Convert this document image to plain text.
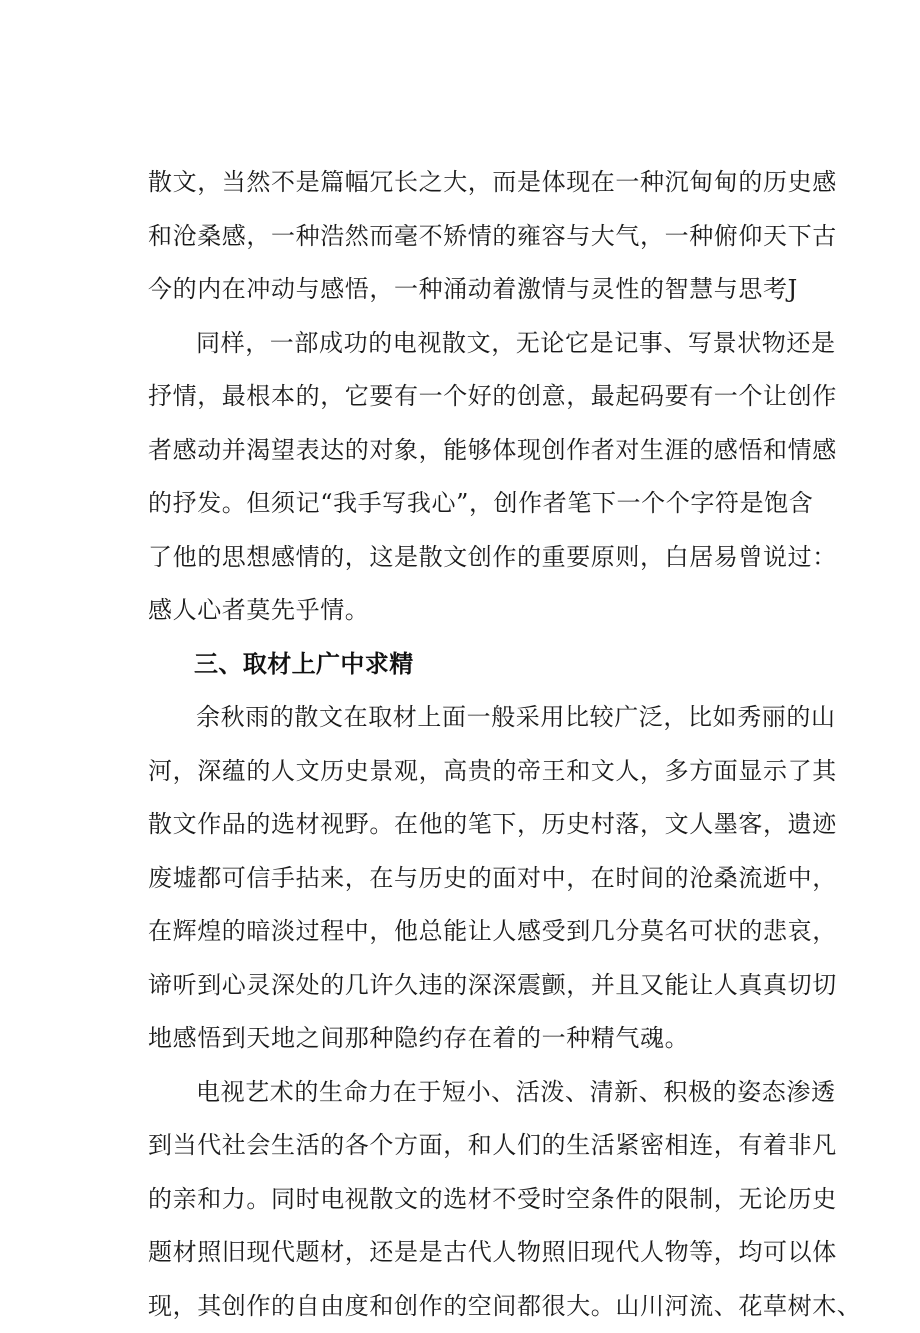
散文，当然不是篇幅冗长之大，而是体现在一种沉甸甸的历史感
和沧桑感，一种浩然而毫不矫情的雍容与大气，一种俯仰天下古
今的内在冲动与感悟，一种涌动着激情与灵性的智慧与思考J
同样，一部成功的电视散文，无论它是记事、写景状物还是
抒情，最根本的，它要有一个好的创意，最起码要有一个让创作
者感动并渴望表达的对象，能够体现创作者对生涯的感悟和情感
的抒发。但须记“我手写我心”，创作者笔下一个个字符是饱含
了他的思想感情的，这是散文创作的重要原则，白居易曾说过：
感人心者莫先乎情。
三、取材上广中求精
余秋雨的散文在取材上面一般采用比较广泛，比如秀丽的山
河，深蕴的人文历史景观，高贵的帝王和文人，多方面显示了其
散文作品的选材视野。在他的笔下，历史村落，文人墨客，遗迹
废墟都可信手拈来，在与历史的面对中，在时间的沧桑流逝中，
在辉煌的暗淡过程中，他总能让人感受到几分莫名可状的悲哀，
谛听到心灵深处的几许久违的深深震颤，并且又能让人真真切切
地感悟到天地之间那种隐约存在着的一种精气魂。
电视艺术的生命力在于短小、活泼、清新、积极的姿态渗透
到当代社会生活的各个方面，和人们的生活紧密相连，有着非凡
的亲和力。同时电视散文的选材不受时空条件的限制，无论历史
题材照旧现代题材，还是是古代人物照旧现代人物等，均可以体
现，其创作的自由度和创作的空间都很大。山川河流、花草树木、
